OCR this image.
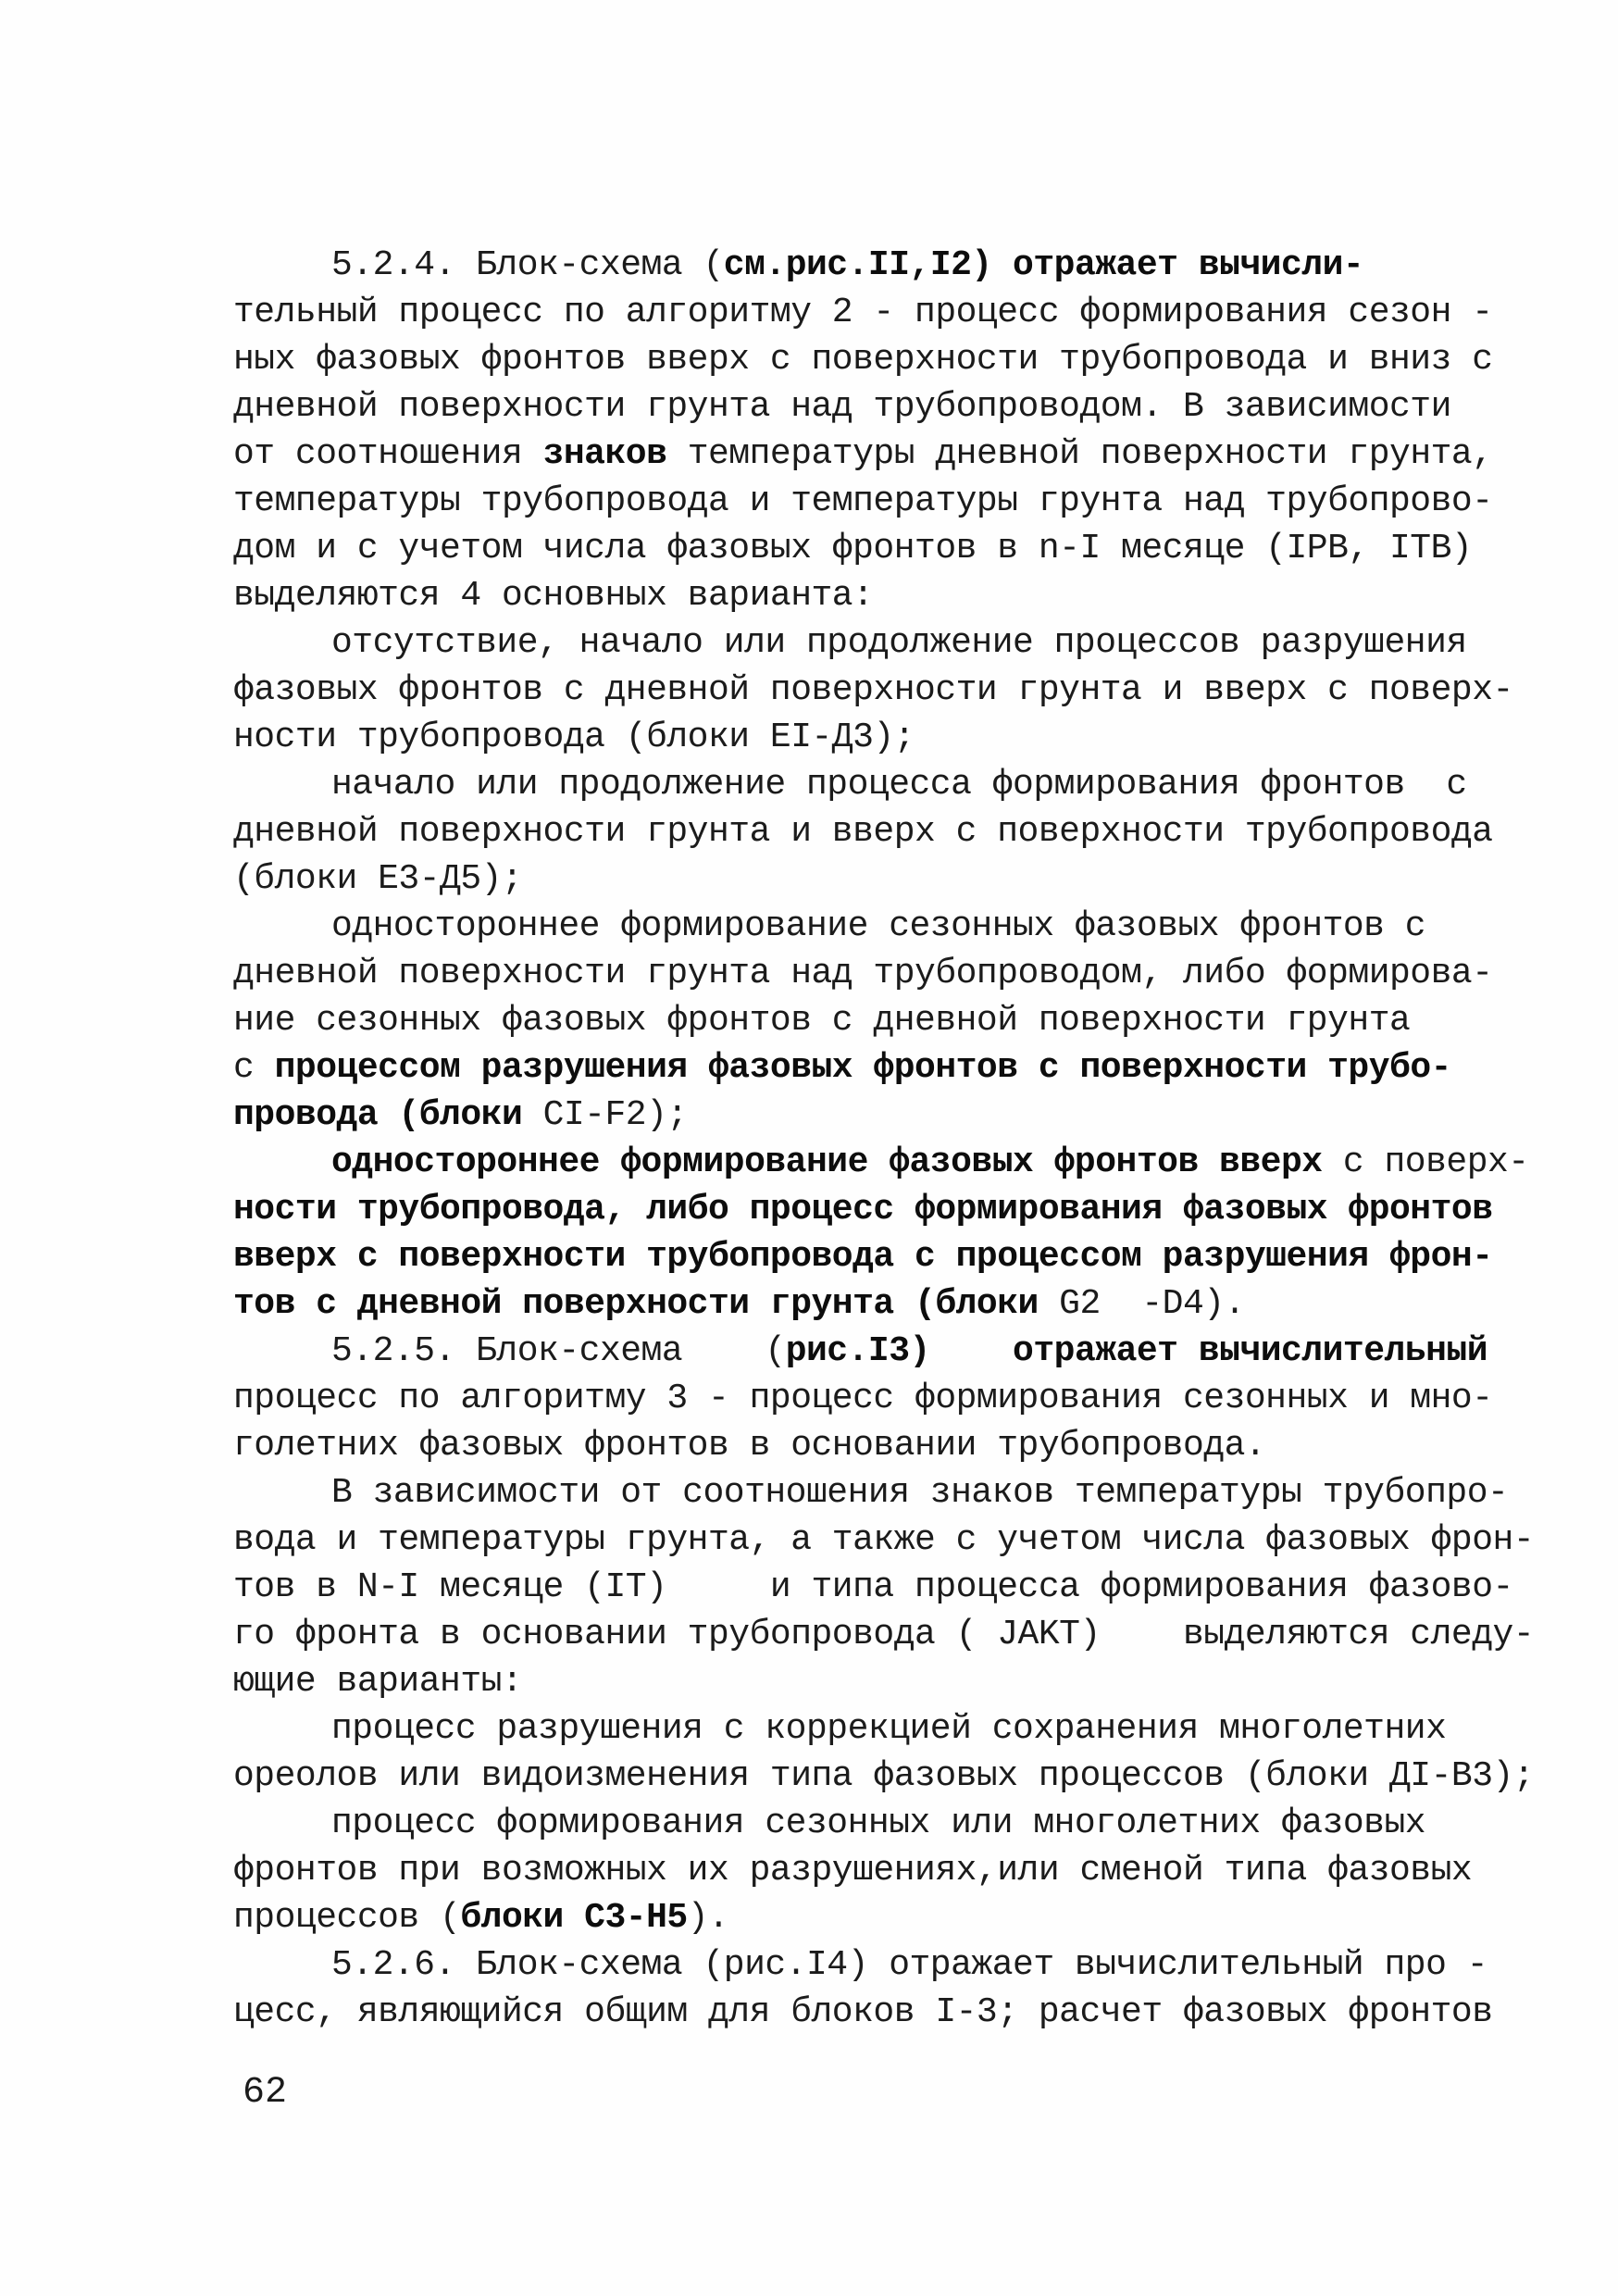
5.2.4. Блок-схема (см.рис.II,I2) отражает вычисли-
тельный процесс по алгоритму 2 - процесс формирования сезон -
ных фазовых фронтов вверх с поверхности трубопровода и вниз с
дневной поверхности грунта над трубопроводом. В зависимости
от соотношения знаков температуры дневной поверхности грунта,
температуры трубопровода и температуры грунта над трубопрово-
дом и с учетом числа фазовых фронтов в n-I месяце (IPB, ITB)
выделяются 4 основных варианта:
отсутствие, начало или продолжение процессов разрушения
фазовых фронтов с дневной поверхности грунта и вверх с поверх-
ности трубопровода (блоки EI-Д3);
начало или продолжение процесса формирования фронтов  с
дневной поверхности грунта и вверх с поверхности трубопровода
(блоки E3-Д5);
одностороннее формирование сезонных фазовых фронтов с
дневной поверхности грунта над трубопроводом, либо формирова-
ние сезонных фазовых фронтов с дневной поверхности грунта
с процессом разрушения фазовых фронтов с поверхности трубо-
провода (блоки CI-F2);
одностороннее формирование фазовых фронтов вверх с поверх-
ности трубопровода, либо процесс формирования фазовых фронтов
вверх с поверхности трубопровода с процессом разрушения фрон-
тов с дневной поверхности грунта (блоки G2  -D4).
5.2.5. Блок-схема    (рис.I3) отражает вычислительный
процесс по алгоритму 3 - процесс формирования сезонных и мно-
голетних фазовых фронтов в основании трубопровода.
В зависимости от соотношения знаков температуры трубопро-
вода и температуры грунта, а также с учетом числа фазовых фрон-
тов в N-I месяце (IT)     и типа процесса формирования фазово-
го фронта в основании трубопровода ( JAKT)    выделяются следу-
ющие варианты:
процесс разрушения с коррекцией сохранения многолетних
ореолов или видоизменения типа фазовых процессов (блоки ДI-В3);
процесс формирования сезонных или многолетних фазовых
фронтов при возможных их разрушениях,или сменой типа фазовых
процессов (блоки С3-Н5).
5.2.6. Блок-схема (рис.I4) отражает вычислительный про -
цесс, являющийся общим для блоков I-3; расчет фазовых фронтов
62
